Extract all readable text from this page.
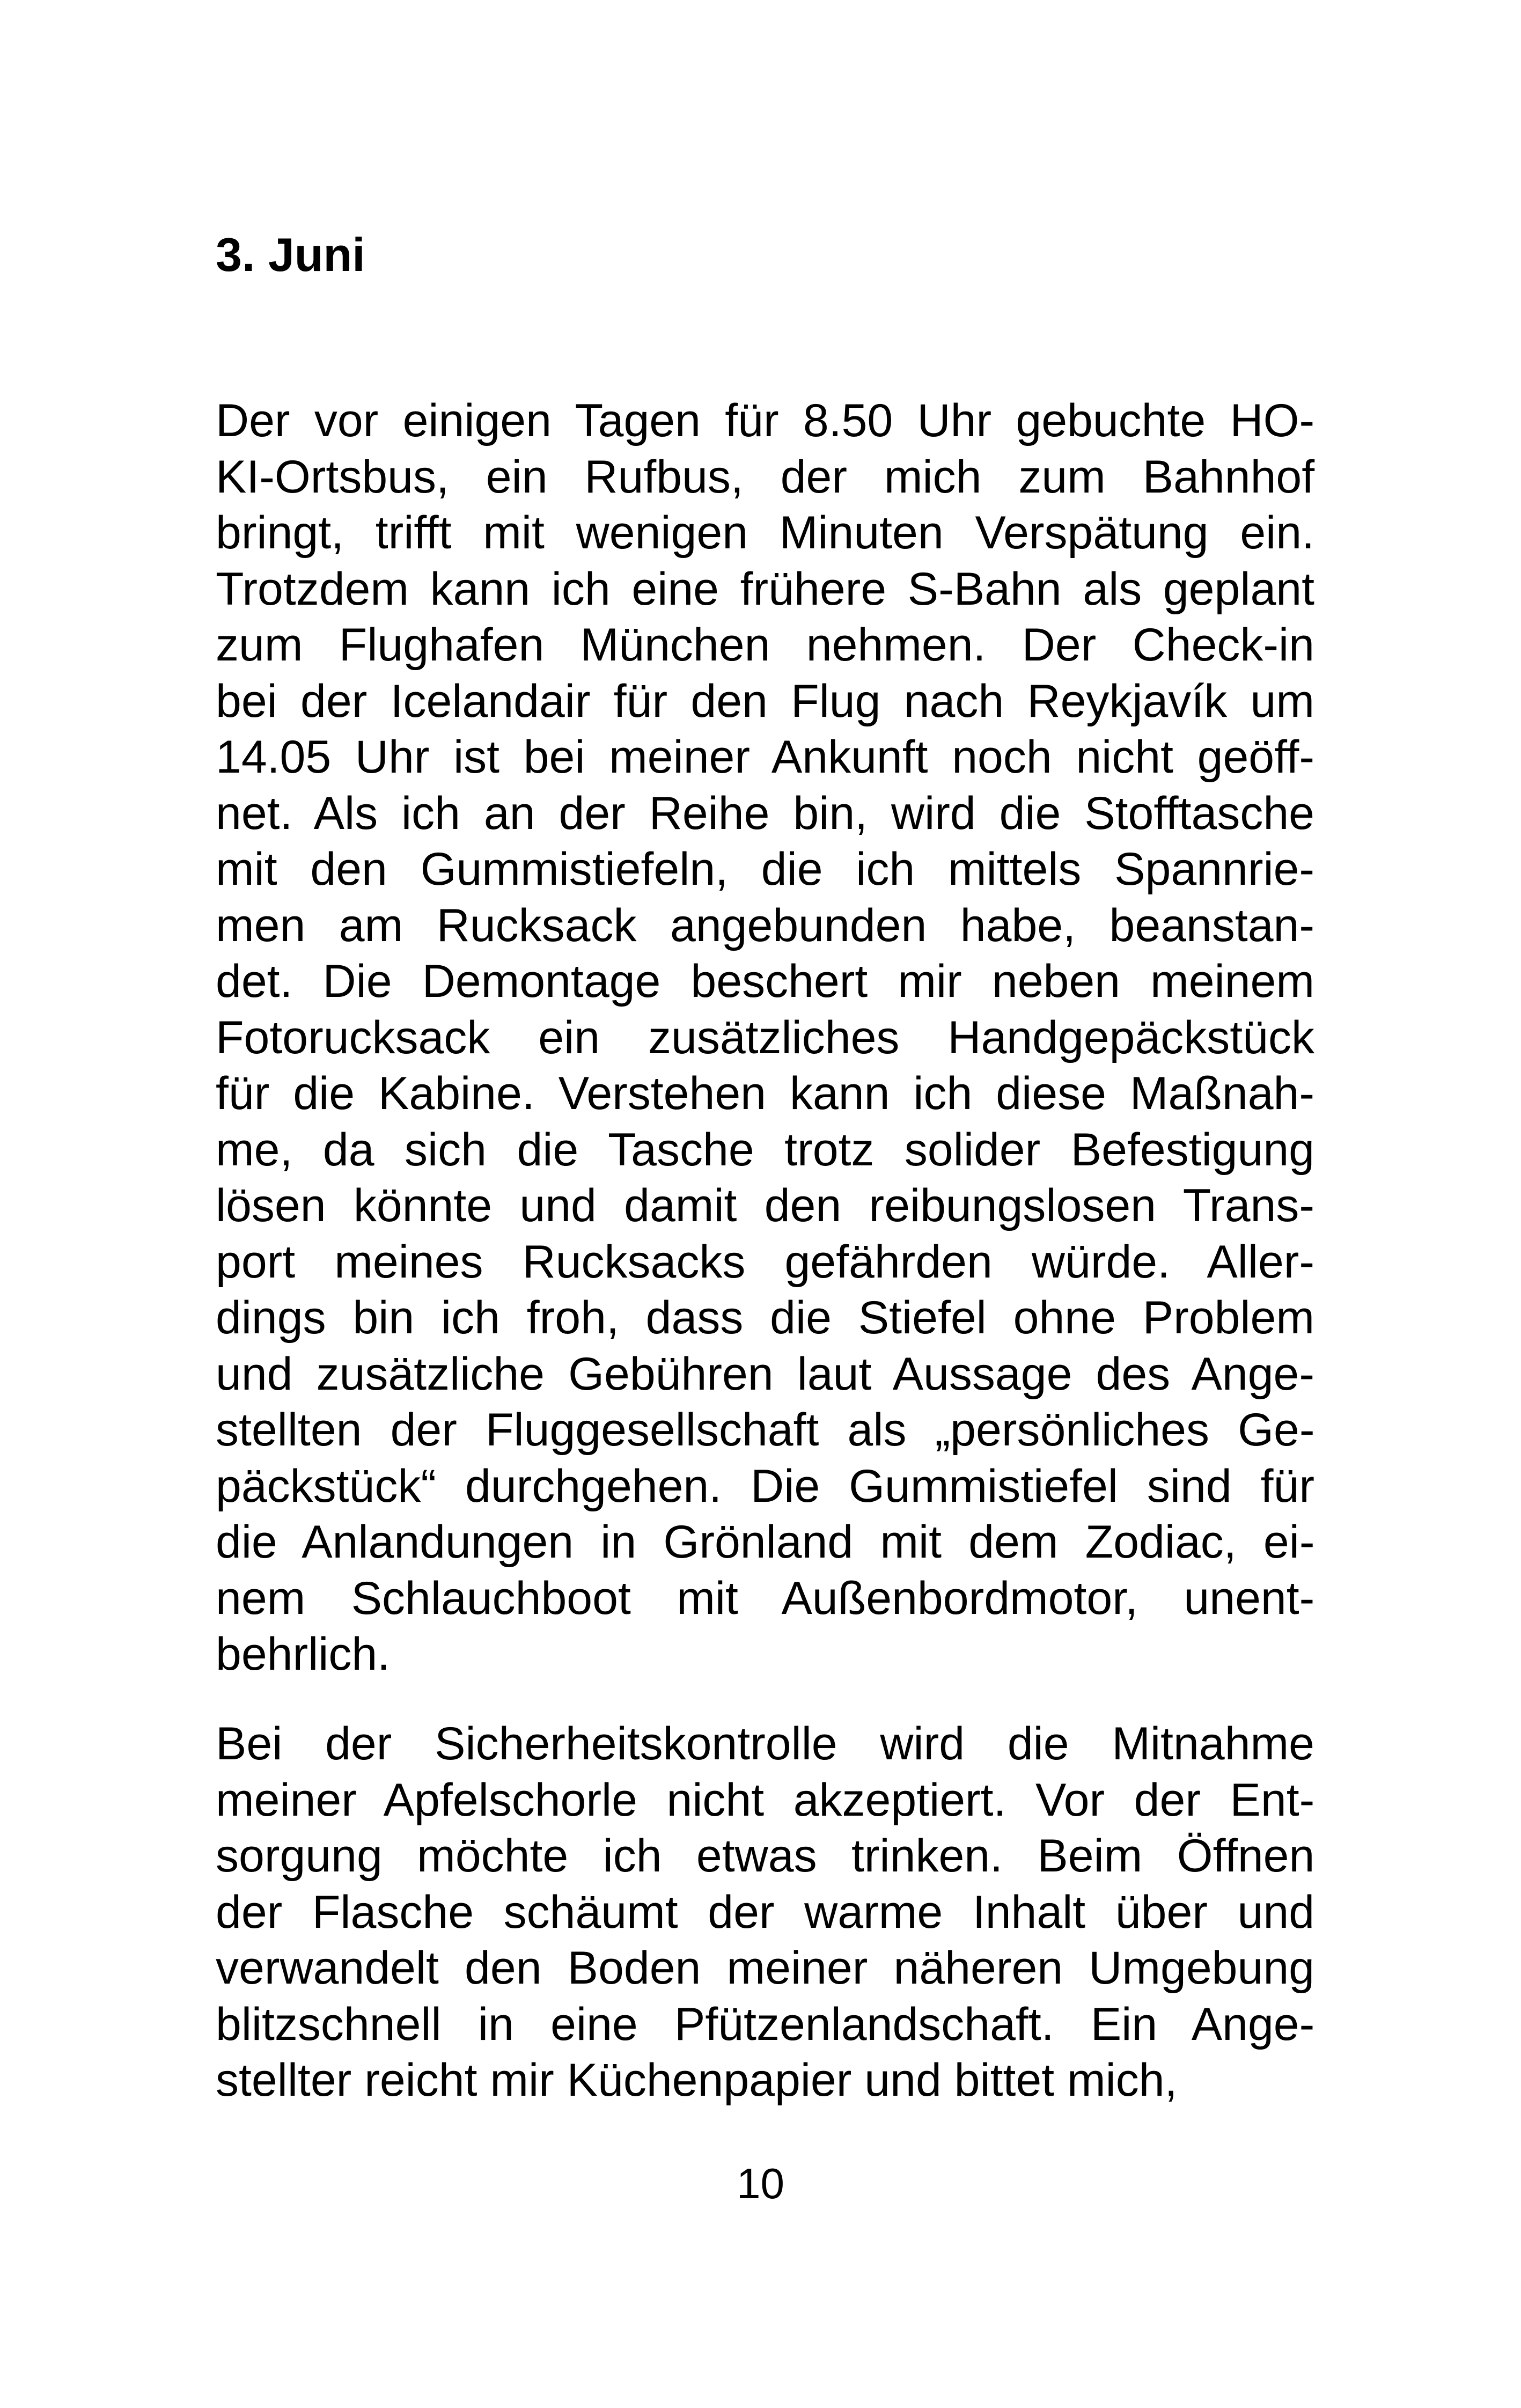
3. Juni
Der vor einigen Tagen für 8.50 Uhr gebuchte HO-
KI-Ortsbus, ein Rufbus, der mich zum Bahnhof
bringt, trifft mit wenigen Minuten Verspätung ein.
Trotzdem kann ich eine frühere S-Bahn als geplant
zum Flughafen München nehmen. Der Check-in
bei der Icelandair für den Flug nach Reykjavík um
14.05 Uhr ist bei meiner Ankunft noch nicht geöff-
net. Als ich an der Reihe bin, wird die Stofftasche
mit den Gummistiefeln, die ich mittels Spannrie-
men am Rucksack angebunden habe, beanstan-
det. Die Demontage beschert mir neben meinem
Fotorucksack ein zusätzliches Handgepäckstück
für die Kabine. Verstehen kann ich diese Maßnah-
me, da sich die Tasche trotz solider Befestigung
lösen könnte und damit den reibungslosen Trans-
port meines Rucksacks gefährden würde. Aller-
dings bin ich froh, dass die Stiefel ohne Problem
und zusätzliche Gebühren laut Aussage des Ange-
stellten der Fluggesellschaft als „persönliches Ge-
päckstück“ durchgehen. Die Gummistiefel sind für
die Anlandungen in Grönland mit dem Zodiac, ei-
nem Schlauchboot mit Außenbordmotor, unent-
behrlich.
Bei der Sicherheitskontrolle wird die Mitnahme
meiner Apfelschorle nicht akzeptiert. Vor der Ent-
sorgung möchte ich etwas trinken. Beim Öffnen
der Flasche schäumt der warme Inhalt über und
verwandelt den Boden meiner näheren Umgebung
blitzschnell in eine Pfützenlandschaft. Ein Ange-
stellter reicht mir Küchenpapier und bittet mich,
10
